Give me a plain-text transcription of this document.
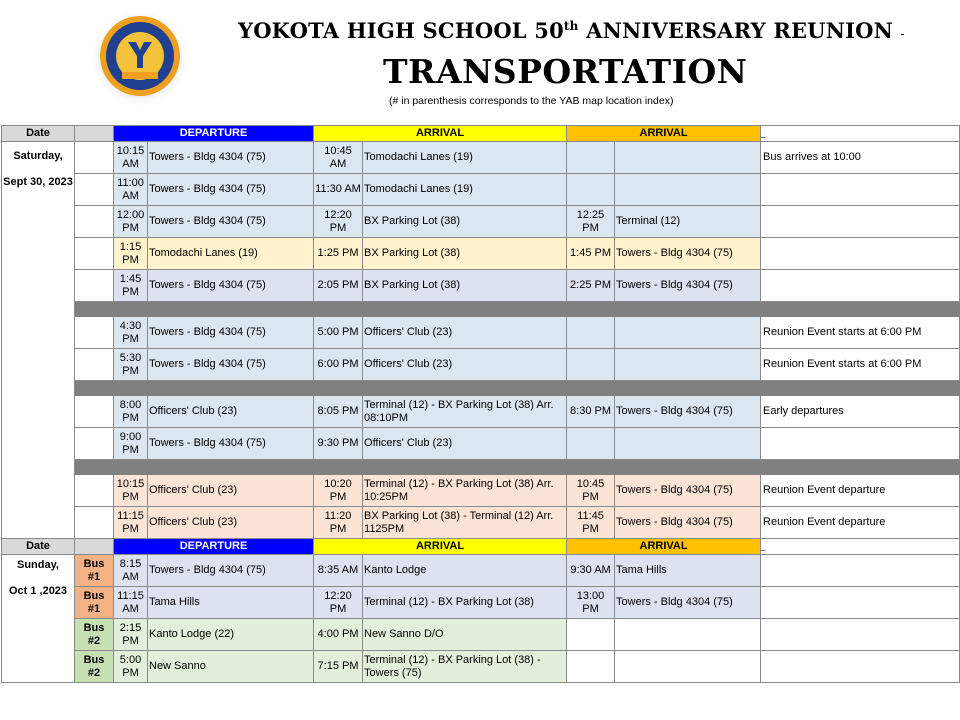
YOKOTA HIGH SCHOOL 50th ANNIVERSARY REUNION -
TRANSPORTATION
(# in parenthesis corresponds to the YAB map location index)
Date		DEPARTURE		ARRIVAL		ARRIVAL		_

Saturday,
Sept 30, 2023		10:15 AM	Towers - Bldg 4304 (75)	10:45 AM	Tomodachi Lanes (19)			Bus arrives at 10:00
		11:00 AM	Towers - Bldg 4304 (75)	11:30 AM	Tomodachi Lanes (19)			
		12:00 PM	Towers - Bldg 4304 (75)	12:20 PM	BX Parking Lot (38)	12:25 PM	Terminal (12)	
		1:15 PM	Tomodachi Lanes (19)	1:25 PM	BX Parking Lot (38)	1:45 PM	Towers - Bldg 4304 (75)	
		1:45 PM	Towers - Bldg 4304 (75)	2:05 PM	BX Parking Lot (38)	2:25 PM	Towers - Bldg 4304 (75)	

		4:30 PM	Towers - Bldg 4304 (75)	5:00 PM	Officers' Club (23)			Reunion Event starts at 6:00 PM
		5:30 PM	Towers - Bldg 4304 (75)	6:00 PM	Officers' Club (23)			Reunion Event starts at 6:00 PM

		8:00 PM	Officers' Club (23)	8:05 PM	Terminal (12) - BX Parking Lot (38) Arr. 08:10PM	8:30 PM	Towers - Bldg 4304 (75)	Early departures
		9:00 PM	Towers - Bldg 4304 (75)	9:30 PM	Officers' Club (23)			

		10:15 PM	Officers' Club (23)	10:20 PM	Terminal (12) - BX Parking Lot (38) Arr. 10:25PM	10:45 PM	Towers - Bldg 4304 (75)	Reunion Event departure
		11:15 PM	Officers' Club (23)	11:20 PM	BX Parking Lot (38) - Terminal (12) Arr. 1125PM	11:45 PM	Towers - Bldg 4304 (75)	Reunion Event departure
Date		DEPARTURE		ARRIVAL		ARRIVAL		_

Sunday,
Oct 1 ,2023	Bus #1	8:15 AM	Towers - Bldg 4304 (75)	8:35 AM	Kanto Lodge	9:30 AM	Tama Hills	
	Bus #1	11:15 AM	Tama Hills	12:20 PM	Terminal (12) - BX Parking Lot (38)	13:00 PM	Towers - Bldg 4304 (75)	
	Bus #2	2:15 PM	Kanto Lodge (22)	4:00 PM	New Sanno D/O			
	Bus #2	5:00 PM	New Sanno	7:15 PM	Terminal (12) - BX Parking Lot (38) - Towers (75)			
